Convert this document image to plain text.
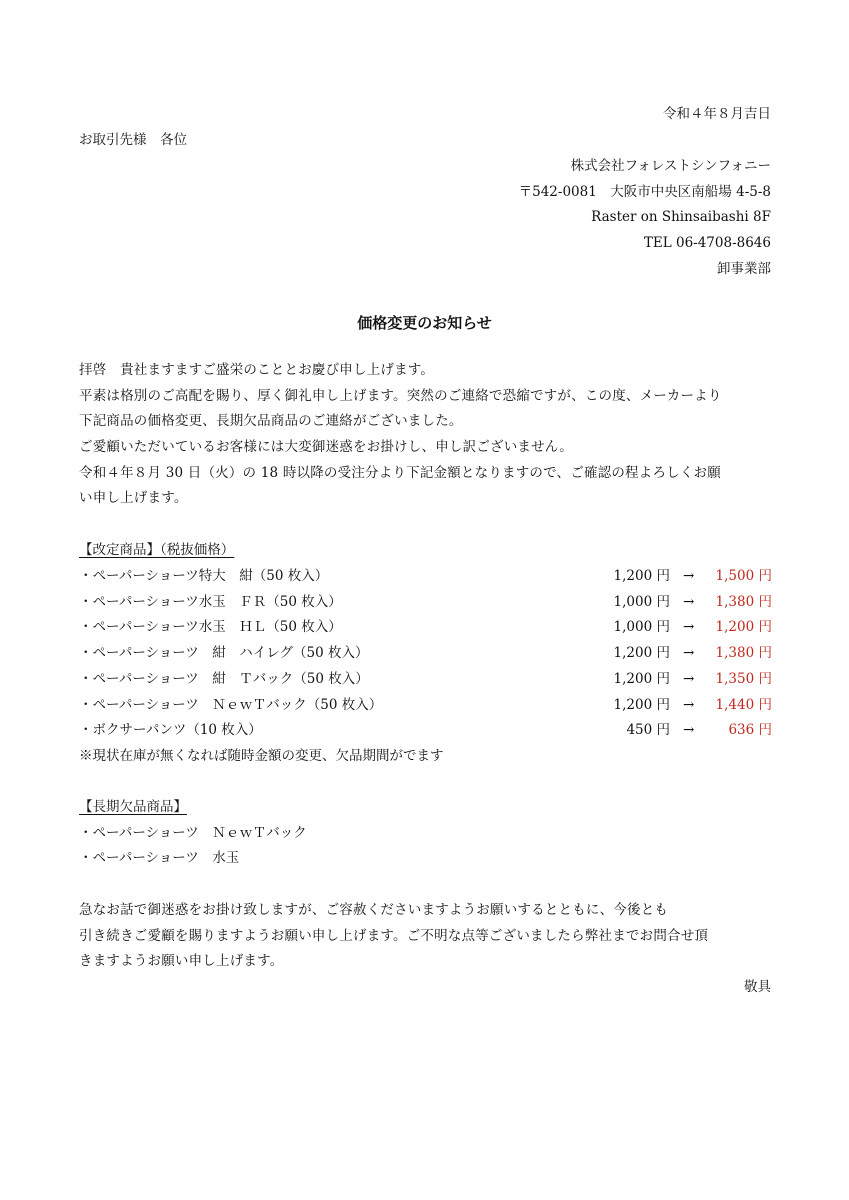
令和４年８月吉日
お取引先様　各位
株式会社フォレストシンフォニー
〒542-0081　大阪市中央区南船場 4-5-8
Raster on Shinsaibashi 8F
TEL 06-4708-8646
卸事業部
価格変更のお知らせ
拝啓　貴社ますますご盛栄のこととお慶び申し上げます。
平素は格別のご高配を賜り、厚く御礼申し上げます。突然のご連絡で恐縮ですが、この度、メーカーより
下記商品の価格変更、長期欠品商品のご連絡がございました。
ご愛顧いただいているお客様には大変御迷惑をお掛けし、申し訳ございません。
令和４年８月 30 日（火）の 18 時以降の受注分より下記金額となりますので、ご確認の程よろしくお願
い申し上げます。
【改定商品】（税抜価格）
・ペーパーショーツ特大　紺（50 枚入）	1,200 円 →	1,500 円
・ペーパーショーツ水玉　ＦＲ（50 枚入）	1,000 円 →	1,380 円
・ペーパーショーツ水玉　ＨＬ（50 枚入）	1,000 円 →	1,200 円
・ペーパーショーツ　紺　ハイレグ（50 枚入）	1,200 円 →	1,380 円
・ペーパーショーツ　紺　Ｔバック（50 枚入）	1,200 円 →	1,350 円
・ペーパーショーツ　ＮｅｗＴバック（50 枚入）	1,200 円 →	1,440 円
・ボクサーパンツ（10 枚入）	450 円 →	636 円
※現状在庫が無くなれば随時金額の変更、欠品期間がでます
【長期欠品商品】
・ペーパーショーツ　ＮｅｗＴバック
・ペーパーショーツ　水玉
急なお話で御迷惑をお掛け致しますが、ご容赦くださいますようお願いするとともに、今後とも
引き続きご愛顧を賜りますようお願い申し上げます。ご不明な点等ございましたら弊社までお問合せ頂
きますようお願い申し上げます。
敬具
